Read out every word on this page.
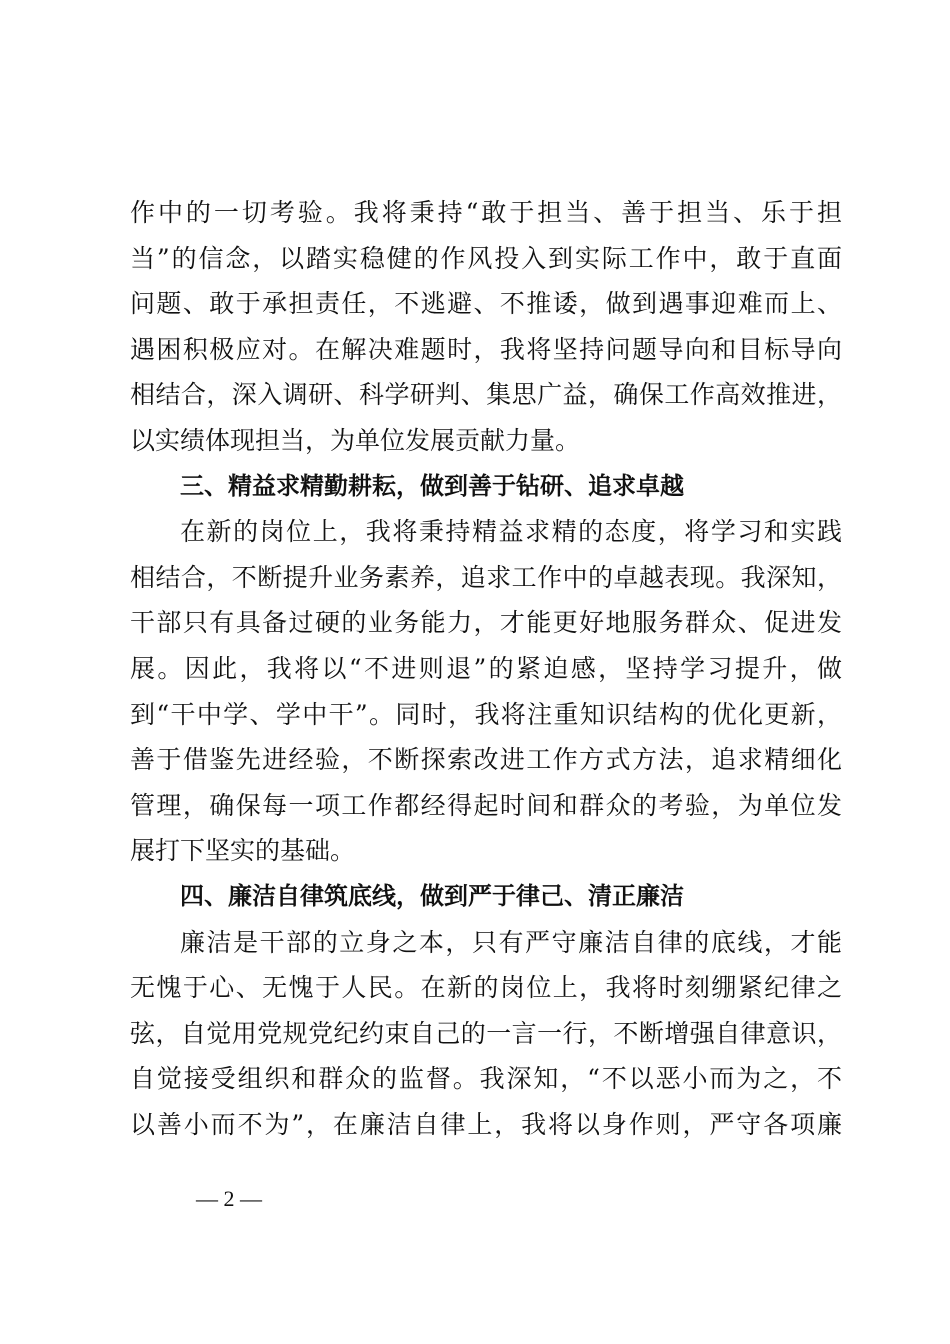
作中的一切考验。我将秉持“敢于担当、善于担当、乐于担
当”的信念，以踏实稳健的作风投入到实际工作中，敢于直面
问题、敢于承担责任，不逃避、不推诿，做到遇事迎难而上、
遇困积极应对。在解决难题时，我将坚持问题导向和目标导向
相结合，深入调研、科学研判、集思广益，确保工作高效推进，
以实绩体现担当，为单位发展贡献力量。
三、精益求精勤耕耘，做到善于钻研、追求卓越
在新的岗位上，我将秉持精益求精的态度，将学习和实践
相结合，不断提升业务素养，追求工作中的卓越表现。我深知，
干部只有具备过硬的业务能力，才能更好地服务群众、促进发
展。因此，我将以“不进则退”的紧迫感，坚持学习提升，做
到“干中学、学中干”。同时，我将注重知识结构的优化更新，
善于借鉴先进经验，不断探索改进工作方式方法，追求精细化
管理，确保每一项工作都经得起时间和群众的考验，为单位发
展打下坚实的基础。
四、廉洁自律筑底线，做到严于律己、清正廉洁
廉洁是干部的立身之本，只有严守廉洁自律的底线，才能
无愧于心、无愧于人民。在新的岗位上，我将时刻绷紧纪律之
弦，自觉用党规党纪约束自己的一言一行，不断增强自律意识，
自觉接受组织和群众的监督。我深知，“不以恶小而为之，不
以善小而不为”，在廉洁自律上，我将以身作则，严守各项廉
— 2 —
